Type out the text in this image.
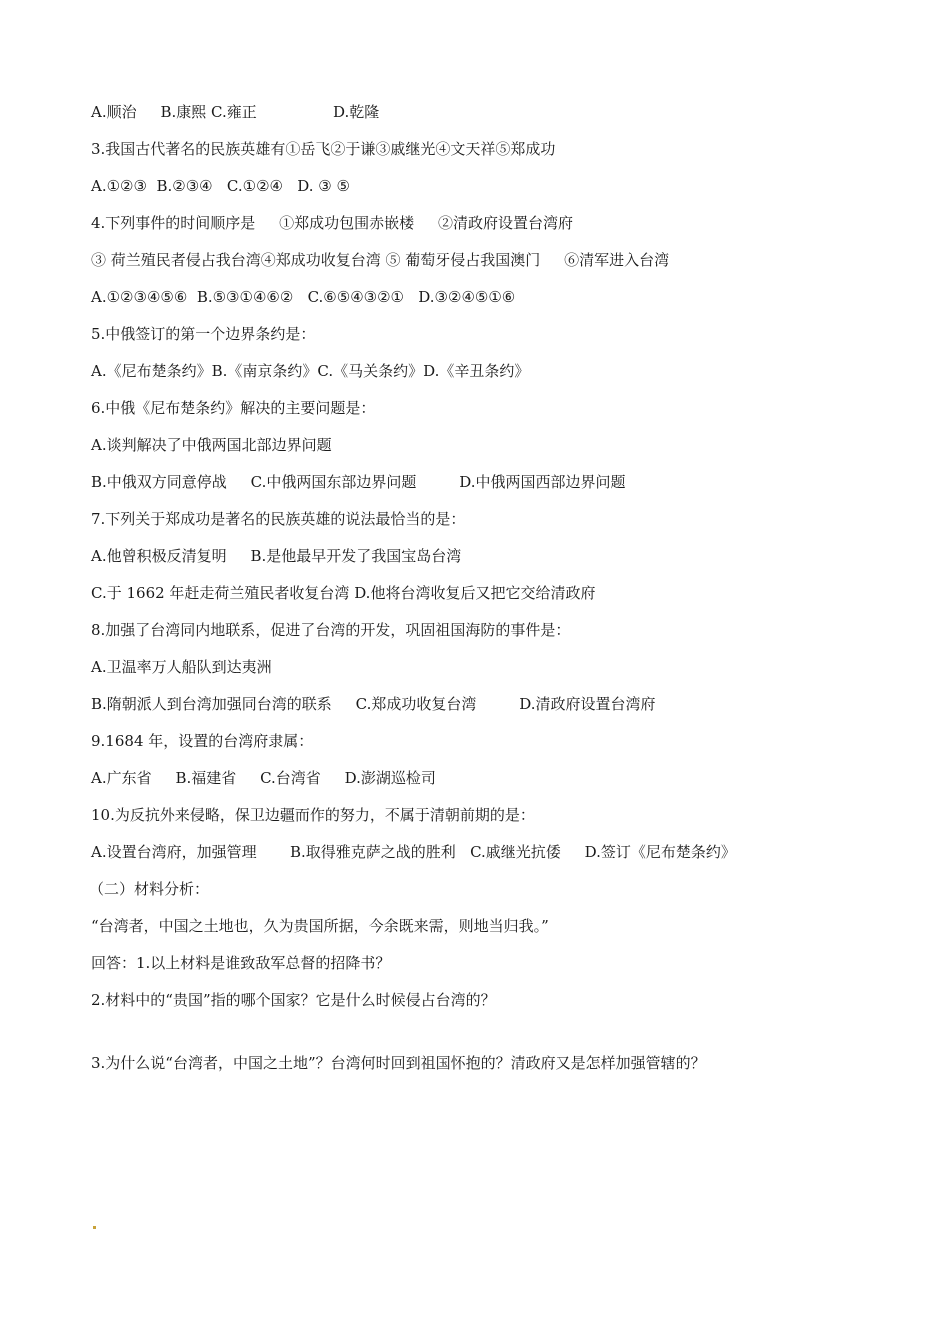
A.顺治     B.康熙 C.雍正                D.乾隆
3.我国古代著名的民族英雄有①岳飞②于谦③戚继光④文天祥⑤郑成功
A.①②③  B.②③④   C.①②④   D. ③ ⑤
4.下列事件的时间顺序是     ①郑成功包围赤嵌楼     ②清政府设置台湾府
③ 荷兰殖民者侵占我台湾④郑成功收复台湾 ⑤ 葡萄牙侵占我国澳门     ⑥清军进入台湾
A.①②③④⑤⑥  B.⑤③①④⑥②   C.⑥⑤④③②①   D.③②④⑤①⑥
5.中俄签订的第一个边界条约是：
A.《尼布楚条约》B.《南京条约》C.《马关条约》D.《辛丑条约》
6.中俄《尼布楚条约》解决的主要问题是：
A.谈判解决了中俄两国北部边界问题
B.中俄双方同意停战     C.中俄两国东部边界问题         D.中俄两国西部边界问题
7.下列关于郑成功是著名的民族英雄的说法最恰当的是：
A.他曾积极反清复明     B.是他最早开发了我国宝岛台湾
C.于 1662 年赶走荷兰殖民者收复台湾 D.他将台湾收复后又把它交给清政府
8.加强了台湾同内地联系，促进了台湾的开发，巩固祖国海防的事件是：
A.卫温率万人船队到达夷洲
B.隋朝派人到台湾加强同台湾的联系     C.郑成功收复台湾         D.清政府设置台湾府
9.1684 年，设置的台湾府隶属：
A.广东省     B.福建省     C.台湾省     D.澎湖巡检司
10.为反抗外来侵略，保卫边疆而作的努力，不属于清朝前期的是：
A.设置台湾府，加强管理       B.取得雅克萨之战的胜利   C.戚继光抗倭     D.签订《尼布楚条约》
（二）材料分析：
“台湾者，中国之土地也，久为贵国所据，今余既来需，则地当归我。”
回答：1.以上材料是谁致敌军总督的招降书？
2.材料中的“贵国”指的哪个国家？它是什么时候侵占台湾的？
3.为什么说“台湾者，中国之土地”？台湾何时回到祖国怀抱的？清政府又是怎样加强管辖的？
